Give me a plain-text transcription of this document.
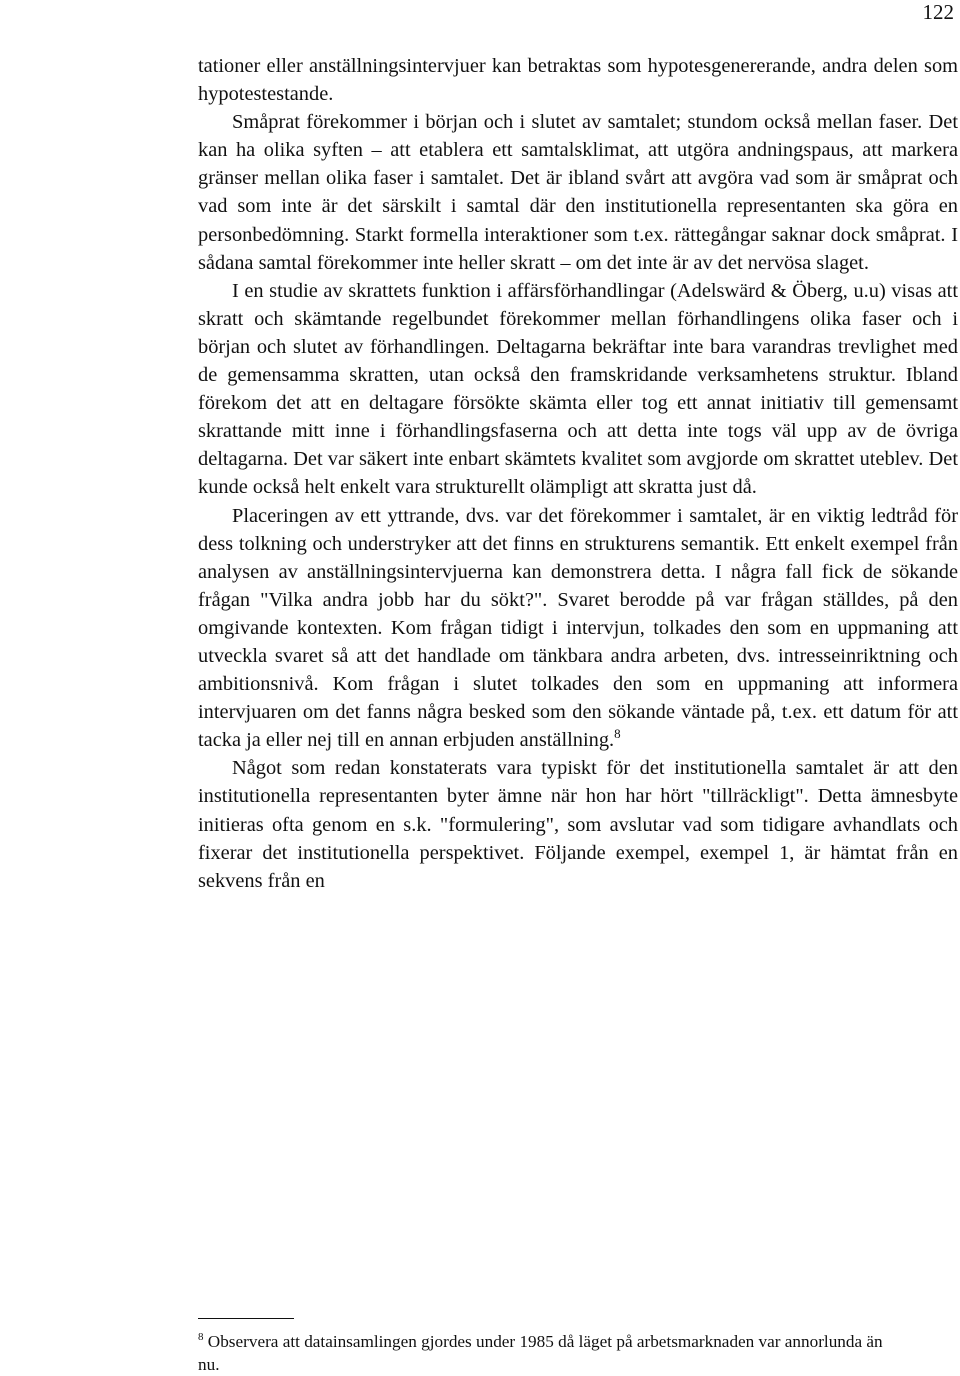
122

tationer eller anställningsintervjuer kan betraktas som hypotesgenererande, andra delen som hypotestestande.

Småprat förekommer i början och i slutet av samtalet; stundom också mellan faser. Det kan ha olika syften – att etablera ett samtalsklimat, att utgöra andningspaus, att markera gränser mellan olika faser i samtalet. Det är ibland svårt att avgöra vad som är småprat och vad som inte är det särskilt i samtal där den institutionella representanten ska göra en personbedömning. Starkt formella interaktioner som t.ex. rättegångar saknar dock småprat. I sådana samtal förekommer inte heller skratt – om det inte är av det nervösa slaget.

I en studie av skrattets funktion i affärsförhandlingar (Adelswärd & Öberg, u.u) visas att skratt och skämtande regelbundet förekommer mellan förhandlingens olika faser och i början och slutet av förhandlingen. Deltagarna bekräftar inte bara varandras trevlighet med de gemensamma skratten, utan också den framskridande verksamhetens struktur. Ibland förekom det att en deltagare försökte skämta eller tog ett annat initiativ till gemensamt skrattande mitt inne i förhandlingsfaserna och att detta inte togs väl upp av de övriga deltagarna. Det var säkert inte enbart skämtets kvalitet som avgjorde om skrattet uteblev. Det kunde också helt enkelt vara strukturellt olämpligt att skratta just då.

Placeringen av ett yttrande, dvs. var det förekommer i samtalet, är en viktig ledtråd för dess tolkning och understryker att det finns en strukturens semantik. Ett enkelt exempel från analysen av anställningsintervjuerna kan demonstrera detta. I några fall fick de sökande frågan "Vilka andra jobb har du sökt?". Svaret berodde på var frågan ställdes, på den omgivande kontexten. Kom frågan tidigt i intervjun, tolkades den som en uppmaning att utveckla svaret så att det handlade om tänkbara andra arbeten, dvs. intresseinriktning och ambitionsnivå. Kom frågan i slutet tolkades den som en uppmaning att informera intervjuaren om det fanns några besked som den sökande väntade på, t.ex. ett datum för att tacka ja eller nej till en annan erbjuden anställning.$^8$

Något som redan konstaterats vara typiskt för det institutionella samtalet är att den institutionella representanten byter ämne när hon har hört "tillräckligt". Detta ämnesbyte initieras ofta genom en s.k. "formulering", som avslutar vad som tidigare avhandlats och fixerar det institutionella perspektivet. Följande exempel, exempel 1, är hämtat från en sekvens från en

$^8$ Observera att datainsamlingen gjordes under 1985 då läget på arbetsmarknaden var annorlunda än nu.
